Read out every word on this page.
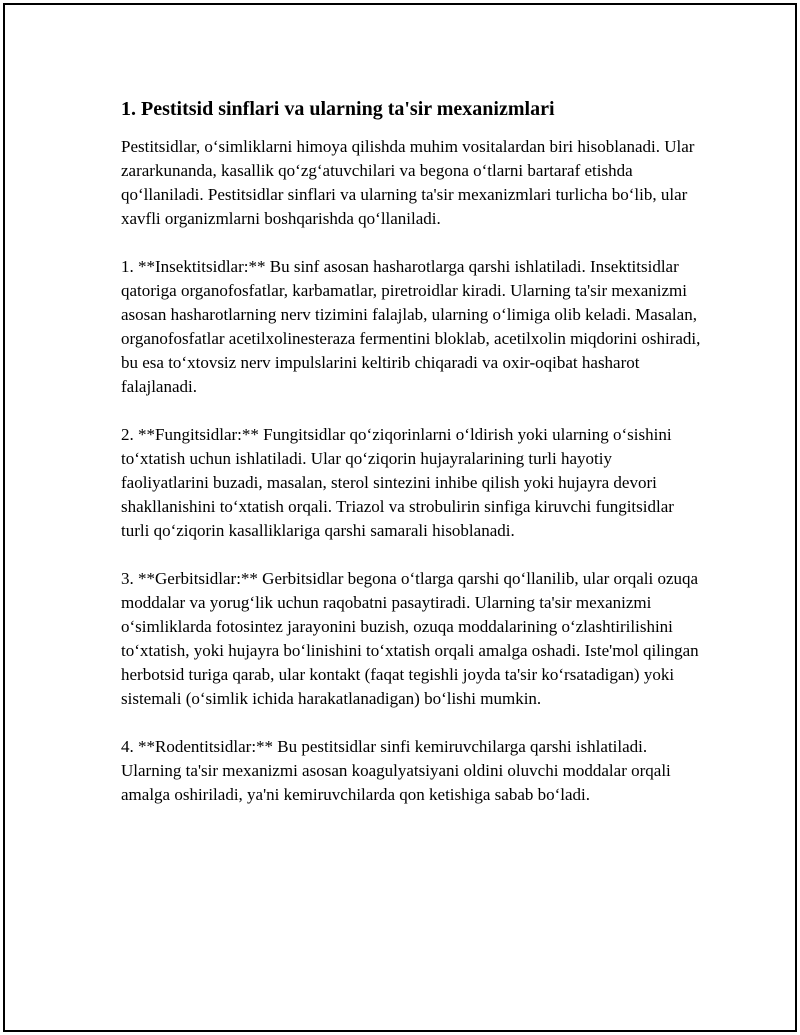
1. Pestitsid sinflari va ularning ta'sir mexanizmlari

Pestitsidlar, oʻsimliklarni himoya qilishda muhim vositalardan biri hisoblanadi. Ular zararkunanda, kasallik qoʻzgʻatuvchilari va begona oʻtlarni bartaraf etishda qoʻllaniladi. Pestitsidlar sinflari va ularning ta'sir mexanizmlari turlicha boʻlib, ular xavfli organizmlarni boshqarishda qoʻllaniladi.

1. **Insektitsidlar:** Bu sinf asosan hasharotlarga qarshi ishlatiladi. Insektitsidlar qatoriga organofosfatlar, karbamatlar, piretroidlar kiradi. Ularning ta'sir mexanizmi asosan hasharotlarning nerv tizimini falajlab, ularning oʻlimiga olib keladi. Masalan, organofosfatlar acetilxolinesteraza fermentini bloklab, acetilxolin miqdorini oshiradi, bu esa toʻxtovsiz nerv impulslarini keltirib chiqaradi va oxir-oqibat hasharot falajlanadi.

2. **Fungitsidlar:** Fungitsidlar qoʻziqorinlarni oʻldirish yoki ularning oʻsishini toʻxtatish uchun ishlatiladi. Ular qoʻziqorin hujayralarining turli hayotiy faoliyatlarini buzadi, masalan, sterol sintezini inhibe qilish yoki hujayra devori shakllanishini toʻxtatish orqali. Triazol va strobulirin sinfiga kiruvchi fungitsidlar turli qoʻziqorin kasalliklariga qarshi samarali hisoblanadi.

3. **Gerbitsidlar:** Gerbitsidlar begona oʻtlarga qarshi qoʻllanilib, ular orqali ozuqa moddalar va yorugʻlik uchun raqobatni pasaytiradi. Ularning ta'sir mexanizmi oʻsimliklarda fotosintez jarayonini buzish, ozuqa moddalarining oʻzlashtirilishini toʻxtatish, yoki hujayra boʻlinishini toʻxtatish orqali amalga oshadi. Iste'mol qilingan herbotsid turiga qarab, ular kontakt (faqat tegishli joyda ta'sir koʻrsatadigan) yoki sistemali (oʻsimlik ichida harakatlanadigan) boʻlishi mumkin.

4. **Rodentitsidlar:** Bu pestitsidlar sinfi kemiruvchilarga qarshi ishlatiladi. Ularning ta'sir mexanizmi asosan koagulyatsiyani oldini oluvchi moddalar orqali amalga oshiriladi, ya'ni kemiruvchilarda qon ketishiga sabab boʻladi.
